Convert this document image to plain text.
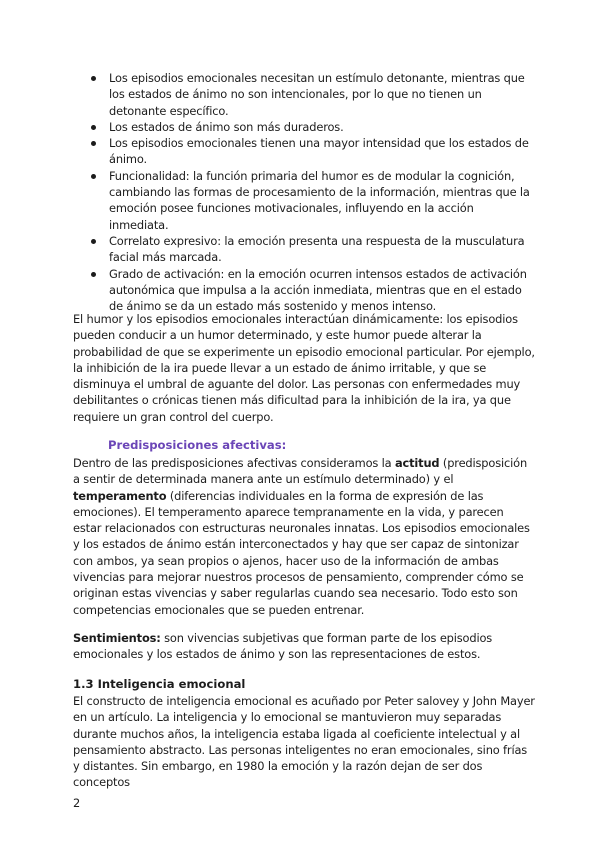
Los episodios emocionales necesitan un estímulo detonante, mientras que los estados de ánimo no son intencionales, por lo que no tienen un detonante específico.
Los estados de ánimo son más duraderos.
Los episodios emocionales tienen una mayor intensidad que los estados de ánimo.
Funcionalidad: la función primaria del humor es de modular la cognición, cambiando las formas de procesamiento de la información, mientras que la emoción posee funciones motivacionales, influyendo en la acción inmediata.
Correlato expresivo: la emoción presenta una respuesta de la musculatura facial más marcada.
Grado de activación: en la emoción ocurren intensos estados de activación autonómica que impulsa a la acción inmediata, mientras que en el estado de ánimo se da un estado más sostenido y menos intenso.

El humor y los episodios emocionales interactúan dinámicamente: los episodios pueden conducir a un humor determinado, y este humor puede alterar la probabilidad de que se experimente un episodio emocional particular. Por ejemplo, la inhibición de la ira puede llevar a un estado de ánimo irritable, y que se disminuya el umbral de aguante del dolor. Las personas con enfermedades muy debilitantes o crónicas tienen más dificultad para la inhibición de la ira, ya que requiere un gran control del cuerpo.

Predisposiciones afectivas:

Dentro de las predisposiciones afectivas consideramos la actitud (predisposición a sentir de determinada manera ante un estímulo determinado) y el temperamento (diferencias individuales en la forma de expresión de las emociones). El temperamento aparece tempranamente en la vida, y parecen estar relacionados con estructuras neuronales innatas. Los episodios emocionales y los estados de ánimo están interconectados y hay que ser capaz de sintonizar con ambos, ya sean propios o ajenos, hacer uso de la información de ambas vivencias para mejorar nuestros procesos de pensamiento, comprender cómo se originan estas vivencias y saber regularlas cuando sea necesario. Todo esto son competencias emocionales que se pueden entrenar.

Sentimientos: son vivencias subjetivas que forman parte de los episodios emocionales y los estados de ánimo y son las representaciones de estos.

1.3 Inteligencia emocional

El constructo de inteligencia emocional es acuñado por Peter salovey y John Mayer en un artículo. La inteligencia y lo emocional se mantuvieron muy separadas durante muchos años, la inteligencia estaba ligada al coeficiente intelectual y al pensamiento abstracto. Las personas inteligentes no eran emocionales, sino frías y distantes. Sin embargo, en 1980 la emoción y la razón dejan de ser dos conceptos

2
